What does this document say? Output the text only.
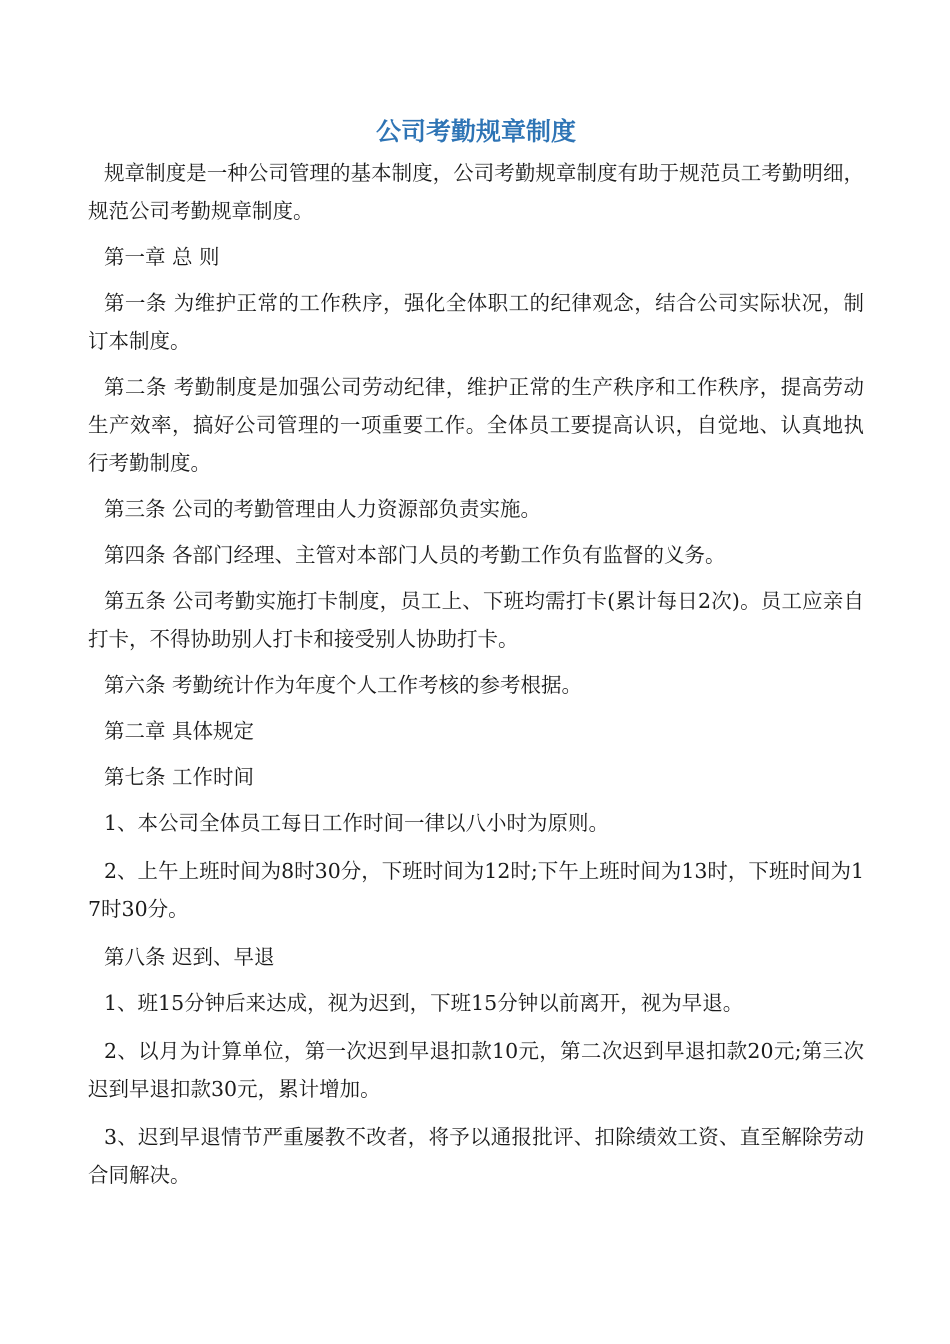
公司考勤规章制度

规章制度是一种公司管理的基本制度，公司考勤规章制度有助于规范员工考勤明细，规范公司考勤规章制度。

第一章 总 则

第一条 为维护正常的工作秩序，强化全体职工的纪律观念，结合公司实际状况，制订本制度。

第二条 考勤制度是加强公司劳动纪律，维护正常的生产秩序和工作秩序，提高劳动生产效率，搞好公司管理的一项重要工作。全体员工要提高认识，自觉地、认真地执行考勤制度。

第三条 公司的考勤管理由人力资源部负责实施。

第四条 各部门经理、主管对本部门人员的考勤工作负有监督的义务。

第五条 公司考勤实施打卡制度，员工上、下班均需打卡(累计每日2次)。员工应亲自打卡，不得协助别人打卡和接受别人协助打卡。

第六条 考勤统计作为年度个人工作考核的参考根据。

第二章 具体规定

第七条 工作时间

1、本公司全体员工每日工作时间一律以八小时为原则。

2、上午上班时间为8时30分，下班时间为12时;下午上班时间为13时，下班时间为17时30分。

第八条 迟到、早退

1、班15分钟后来达成，视为迟到，下班15分钟以前离开，视为早退。

2、以月为计算单位，第一次迟到早退扣款10元，第二次迟到早退扣款20元;第三次迟到早退扣款30元，累计增加。

3、迟到早退情节严重屡教不改者，将予以通报批评、扣除绩效工资、直至解除劳动合同解决。
